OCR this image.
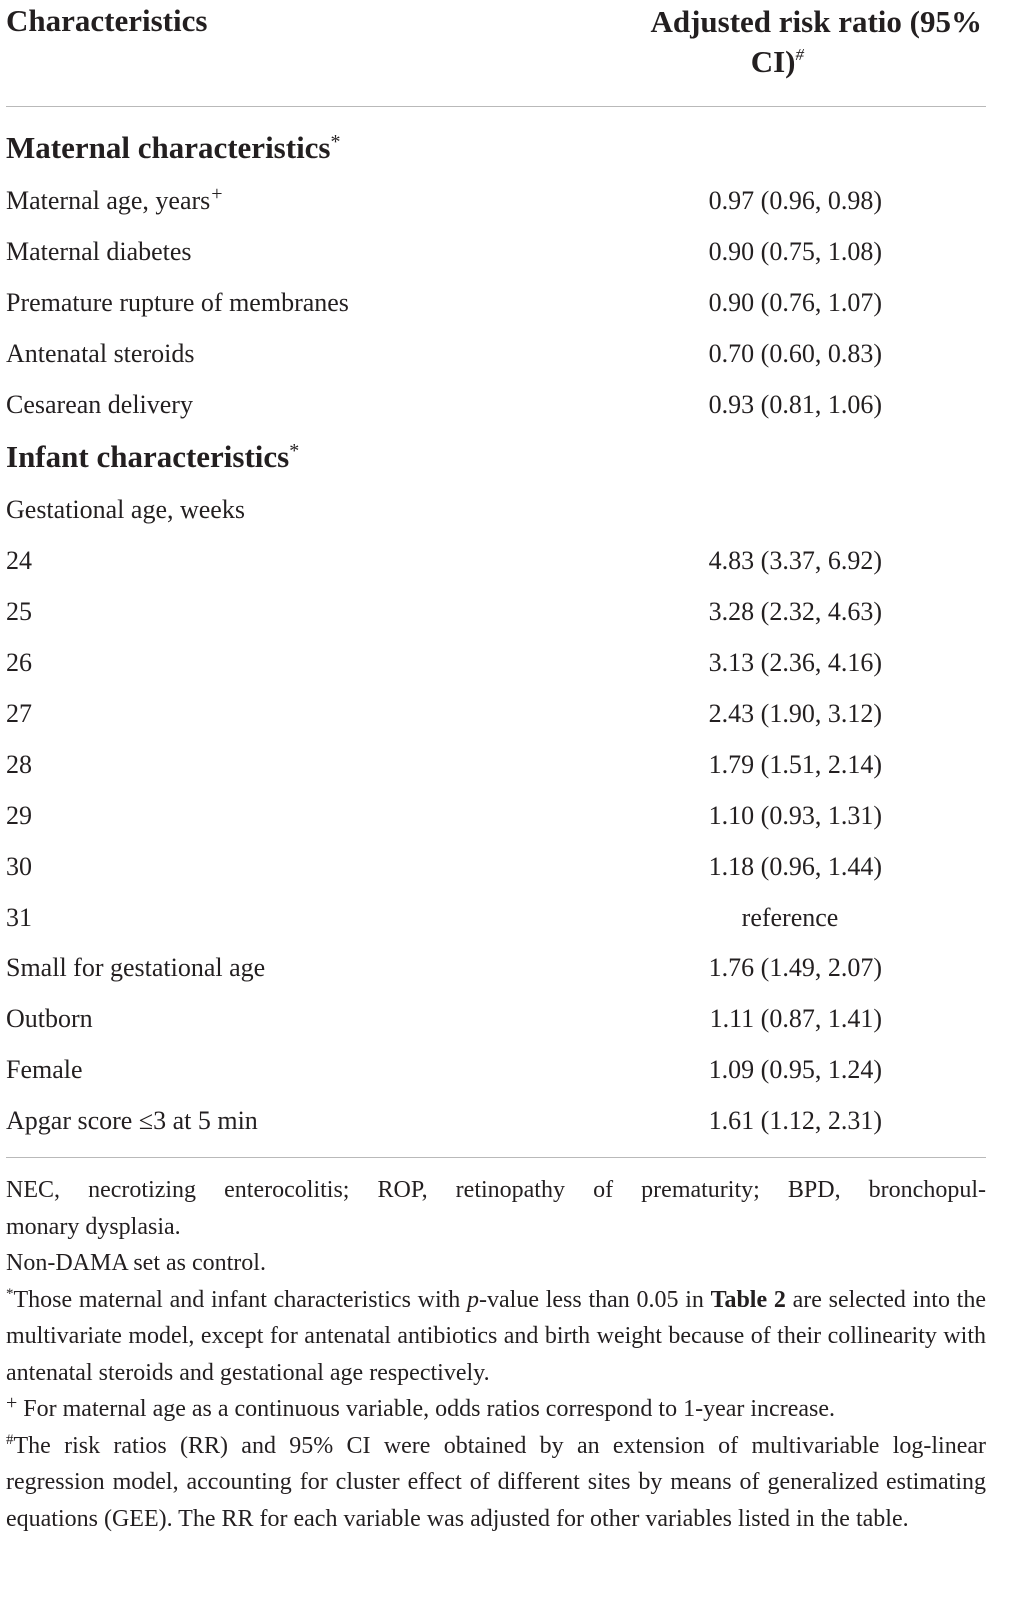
Characteristics	Adjusted risk ratio (95%
CI)#
Maternal characteristics*
Maternal age, years+	0.97 (0.96, 0.98)
Maternal diabetes	0.90 (0.75, 1.08)
Premature rupture of membranes	0.90 (0.76, 1.07)
Antenatal steroids	0.70 (0.60, 0.83)
Cesarean delivery	0.93 (0.81, 1.06)
Infant characteristics*
Gestational age, weeks
24	4.83 (3.37, 6.92)
25	3.28 (2.32, 4.63)
26	3.13 (2.36, 4.16)
27	2.43 (1.90, 3.12)
28	1.79 (1.51, 2.14)
29	1.10 (0.93, 1.31)
30	1.18 (0.96, 1.44)
31	reference
Small for gestational age	1.76 (1.49, 2.07)
Outborn	1.11 (0.87, 1.41)
Female	1.09 (0.95, 1.24)
Apgar score ≤3 at 5 min	1.61 (1.12, 2.31)

NEC, necrotizing enterocolitis; ROP, retinopathy of prematurity; BPD, bronchopul-

monary dysplasia.

Non-DAMA set as control.

*Those maternal and infant characteristics with p-value less than 0.05 in Table 2 are selected into the multivariate model, except for antenatal antibiotics and birth weight because of their collinearity with antenatal steroids and gestational age respectively.

+ For maternal age as a continuous variable, odds ratios correspond to 1-year increase.

#The risk ratios (RR) and 95% CI were obtained by an extension of multivariable log-linear regression model, accounting for cluster effect of different sites by means of generalized estimating equations (GEE). The RR for each variable was adjusted for other variables listed in the table.
